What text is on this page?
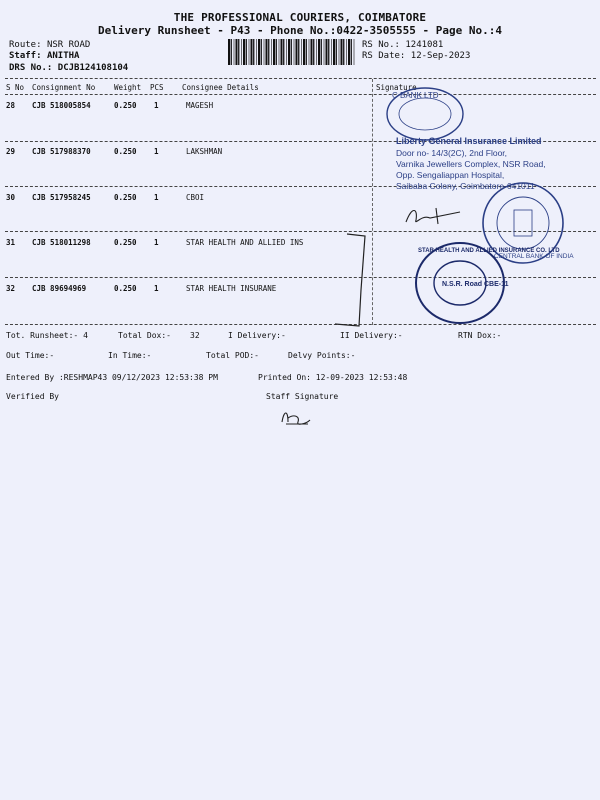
THE PROFESSIONAL COURIERS, COIMBATORE
Delivery Runsheet - P43 - Phone No.:0422-3505555 - Page No.:4
Route: NSR ROAD
Staff: ANITHA
DRS No.: DCJB124108104
RS No.: 1241081
RS Date: 12-Sep-2023
S No Consignment No	Weight PCS Consignee Details	Signature
28 CJB 518005854	0.250 1	MAGESH
29 CJB 517988370	0.250 1	LAKSHMAN
30 CJB 517958245	0.250 1	CBOI
31 CJB 518011298	0.250 1	STAR HEALTH AND ALLIED INS
32 CJB 89694969	0.250 1	STAR HEALTH INSURANE
C BANK LTD
Liberty General Insurance Limited
Door no- 14/3(2C), 2nd Floor,
Varnika Jewellers Complex, NSR Road,
Opp. Sengaliappan Hospital,
Saibaba Colony, Coimbatore-641011
CENTRAL BANK OF INDIA
STAR HEALTH AND ALLIED INSURANCE CO. LTD
N.S.R. Road CBE-11
Tot. Runsheet:- 4	Total Dox:- 32	I Delivery:-	II Delivery:-	RTN Dox:-
Out Time:-	In Time:-	Total POD:-	Delvy Points:-
Entered By :RESHMAP43 09/12/2023 12:53:38 PM	Printed On: 12-09-2023 12:53:48
Verified By	Staff Signature
